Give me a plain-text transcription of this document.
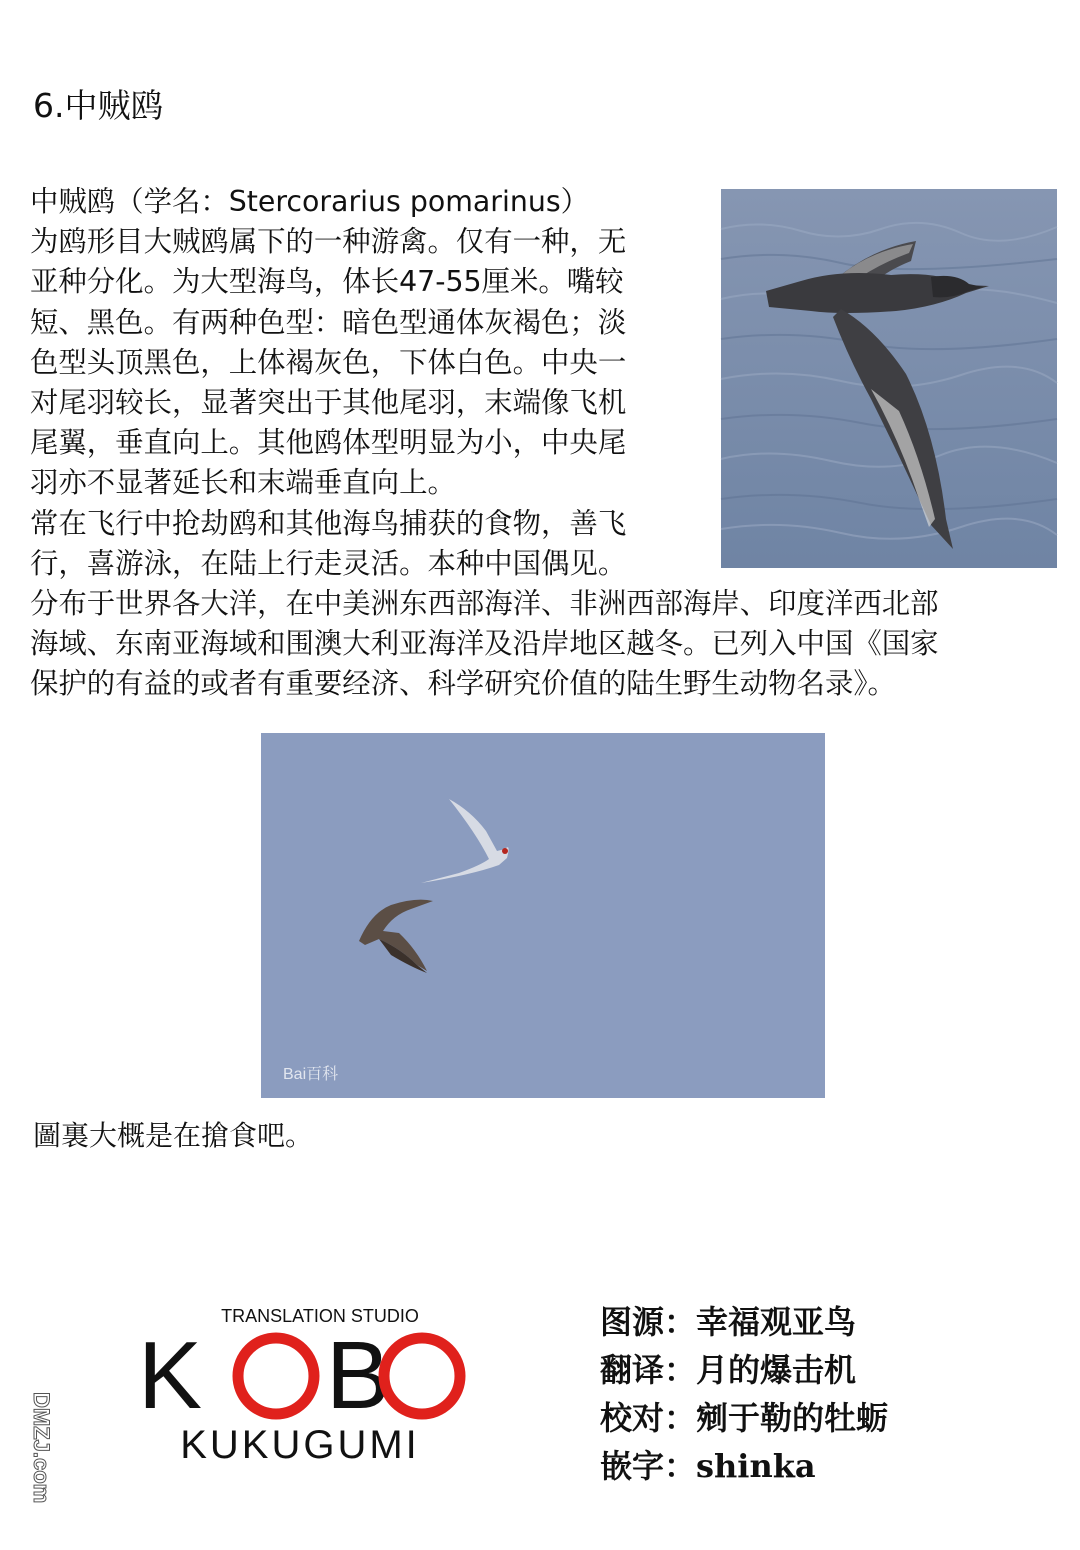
6.中贼鸥

中贼鸥（学名：Stercorarius pomarinus）
为鸥形目大贼鸥属下的一种游禽。仅有一种，无
亚种分化。为大型海鸟，体长47-55厘米。嘴较
短、黑色。有两种色型：暗色型通体灰褐色；淡
色型头顶黑色，上体褐灰色，下体白色。中央一
对尾羽较长，显著突出于其他尾羽，末端像飞机
尾翼，垂直向上。其他鸥体型明显为小，中央尾
羽亦不显著延长和末端垂直向上。

常在飞行中抢劫鸥和其他海鸟捕获的食物，善飞
行，喜游泳，在陆上行走灵活。本种中国偶见。
分布于世界各大洋，在中美洲东西部海洋、非洲西部海岸、印度洋西北部
海域、东南亚海域和围澳大利亚海洋及沿岸地区越冬。已列入中国《国家
保护的有益的或者有重要经济、科学研究价值的陆生野生动物名录》。

Bai百科
圖裏大概是在搶食吧。
TRANSLATION STUDIO
K B
KUKUGUMI
图源： 幸福观亚鸟
翻译： 月的爆击机
校对： 剜于勒的牡蛎
嵌字： shinka
DMZJ.com
